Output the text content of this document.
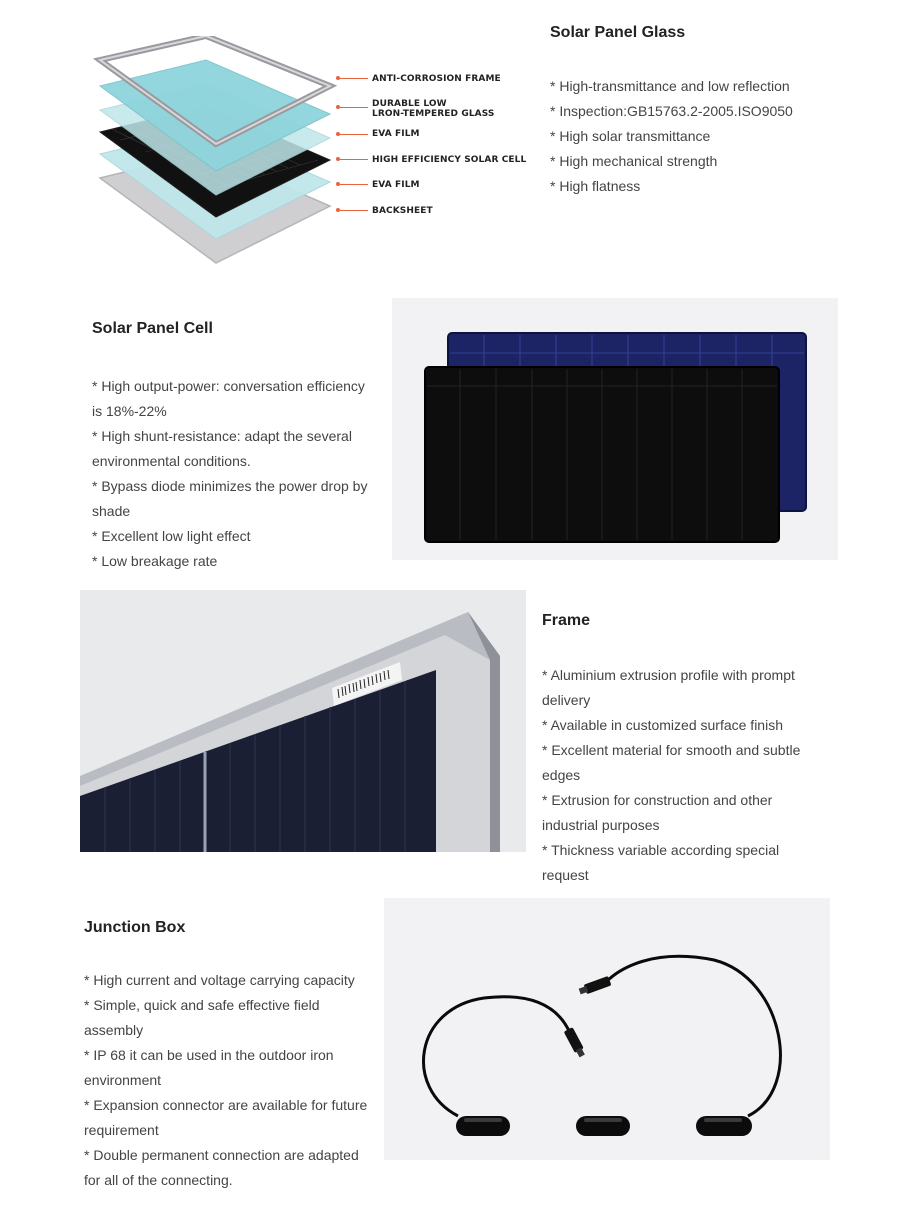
ANTI-CORROSION FRAME
DURABLE LOW
LRON-TEMPERED GLASS
EVA FILM
HIGH EFFICIENCY SOLAR CELL
EVA FILM
BACKSHEET
Solar Panel Glass
* High-transmittance and low reflection
* Inspection:GB15763.2-2005.ISO9050
* High solar transmittance
* High mechanical strength
* High flatness
Solar Panel Cell
* High output-power: conversation efficiency is 18%-22%
* High shunt-resistance: adapt the several environmental conditions.
* Bypass diode minimizes the power drop by shade
* Excellent low light effect
* Low breakage rate
Frame
* Aluminium extrusion profile with prompt delivery
* Available in customized surface finish
* Excellent material for smooth and subtle edges
* Extrusion for construction and other industrial purposes
* Thickness variable according special request
Junction Box
* High current and voltage carrying capacity
* Simple, quick and safe effective field assembly
* IP 68 it can be used in the outdoor iron environment
* Expansion connector are available for future requirement
* Double permanent connection are adapted for all of the connecting.
